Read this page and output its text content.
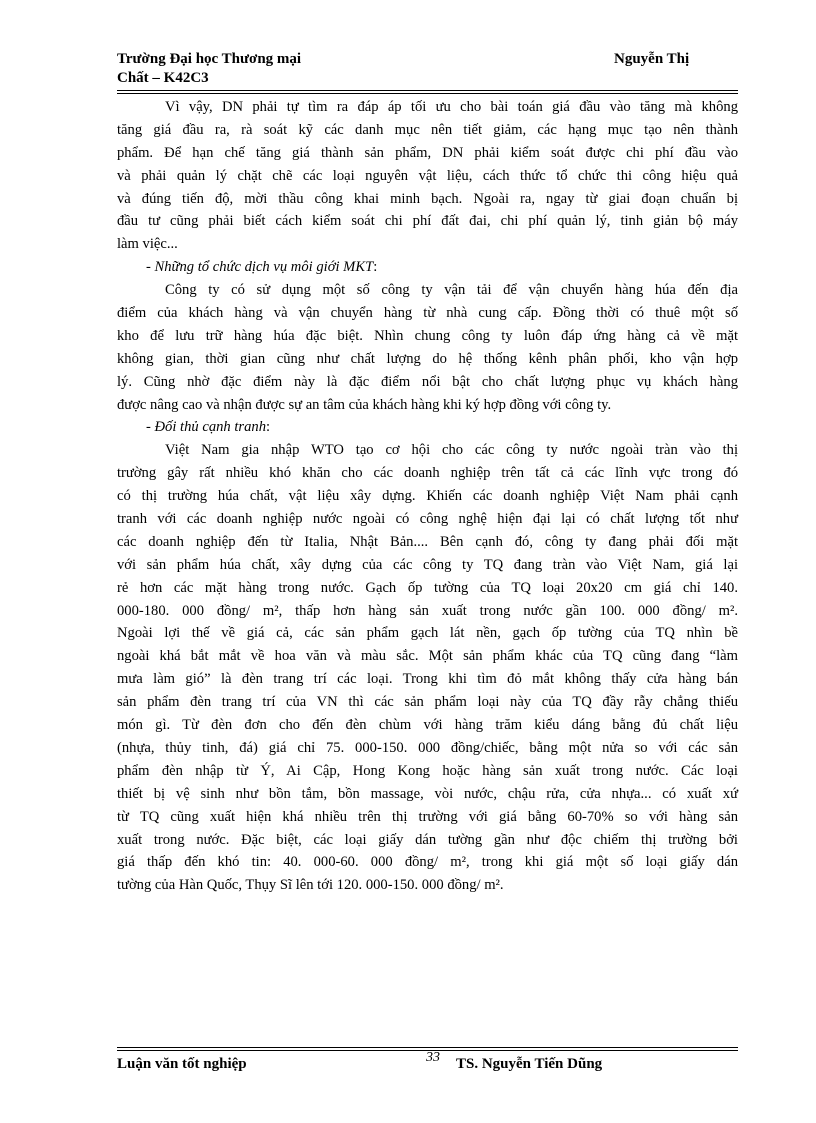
Trường Đại học Thương mại
Chất – K42C3
Nguyễn Thị
Vì vậy, DN phải tự tìm ra đáp áp tối ưu cho bài toán giá đầu vào tăng mà không
tăng giá đầu ra, rà soát kỹ các danh mục nên tiết giảm, các hạng mục tạo nên thành
phẩm. Để hạn chế tăng giá thành sản phẩm, DN phải kiểm soát được chi phí đầu vào
và phải quản lý chặt chẽ các loại nguyên vật liệu, cách thức tổ chức thi công hiệu quả
và đúng tiến độ, mời thầu công khai minh bạch. Ngoài ra, ngay từ giai đoạn chuẩn bị
đầu tư cũng phải biết cách kiểm soát chi phí đất đai, chi phí quản lý, tinh giản bộ máy
làm việc...
- Những tổ chức dịch vụ môi giới MKT:
Công ty có sử dụng một số công ty vận tải để vận chuyển hàng húa đến địa
điểm của khách hàng và vận chuyển hàng từ nhà cung cấp. Đồng thời có thuê một số
kho để lưu trữ hàng húa đặc biệt. Nhìn chung công ty luôn đáp ứng hàng cả về mặt
không gian, thời gian cũng như chất lượng do hệ thống kênh phân phối, kho vận hợp
lý. Cũng nhờ đặc điểm này là đặc điểm nổi bật cho chất lượng phục vụ khách hàng
được nâng cao và nhận được sự an tâm của khách hàng khi ký hợp đồng với công ty.
- Đối thủ cạnh tranh:
Việt Nam gia nhập WTO tạo cơ hội cho các công ty nước ngoài tràn vào thị
trường gây rất nhiều khó khăn cho các doanh nghiệp trên tất cả các lĩnh vực trong đó
có thị trường húa chất, vật liệu xây dựng. Khiến các doanh nghiệp Việt Nam phải cạnh
tranh với các doanh nghiệp nước ngoài có công nghệ hiện đại lại có chất lượng tốt như
các doanh nghiệp đến từ Italia, Nhật Bản.... Bên cạnh đó, công ty đang phải đối mặt
với sản phẩm húa chất, xây dựng của các công ty TQ đang tràn vào Việt Nam, giá lại
rẻ hơn các mặt hàng trong nước. Gạch ốp tường của TQ loại 20x20 cm giá chỉ 140.
000-180. 000 đồng/ m², thấp hơn hàng sản xuất trong nước gần 100. 000 đồng/ m².
Ngoài lợi thế về giá cả, các sản phẩm gạch lát nền, gạch ốp tường của TQ nhìn bề
ngoài khá bắt mắt về hoa văn và màu sắc. Một sản phẩm khác của TQ cũng đang “làm
mưa làm gió” là đèn trang trí các loại. Trong khi tìm đỏ mắt không thấy cửa hàng bán
sản phẩm đèn trang trí của VN thì các sản phẩm loại này của TQ đầy rẫy chẳng thiếu
món gì. Từ đèn đơn cho đến đèn chùm với hàng trăm kiểu dáng bằng đủ chất liệu
(nhựa, thủy tinh, đá) giá chỉ 75. 000-150. 000 đồng/chiếc, bằng một nửa so với các sản
phẩm đèn nhập từ Ý, Ai Cập, Hong Kong hoặc hàng sản xuất trong nước. Các loại
thiết bị vệ sinh như bồn tắm, bồn massage, vòi nước, chậu rửa, cửa nhựa... có xuất xứ
từ TQ cũng xuất hiện khá nhiều trên thị trường với giá bằng 60-70% so với hàng sản
xuất trong nước. Đặc biệt, các loại giấy dán tường gần như độc chiếm thị trường bởi
giá thấp đến khó tin: 40. 000-60. 000 đồng/ m², trong khi giá một số loại giấy dán
tường của Hàn Quốc, Thụy Sĩ lên tới 120. 000-150. 000 đồng/ m².
Luận văn tốt nghiệp	33 TS. Nguyễn Tiến Dũng
